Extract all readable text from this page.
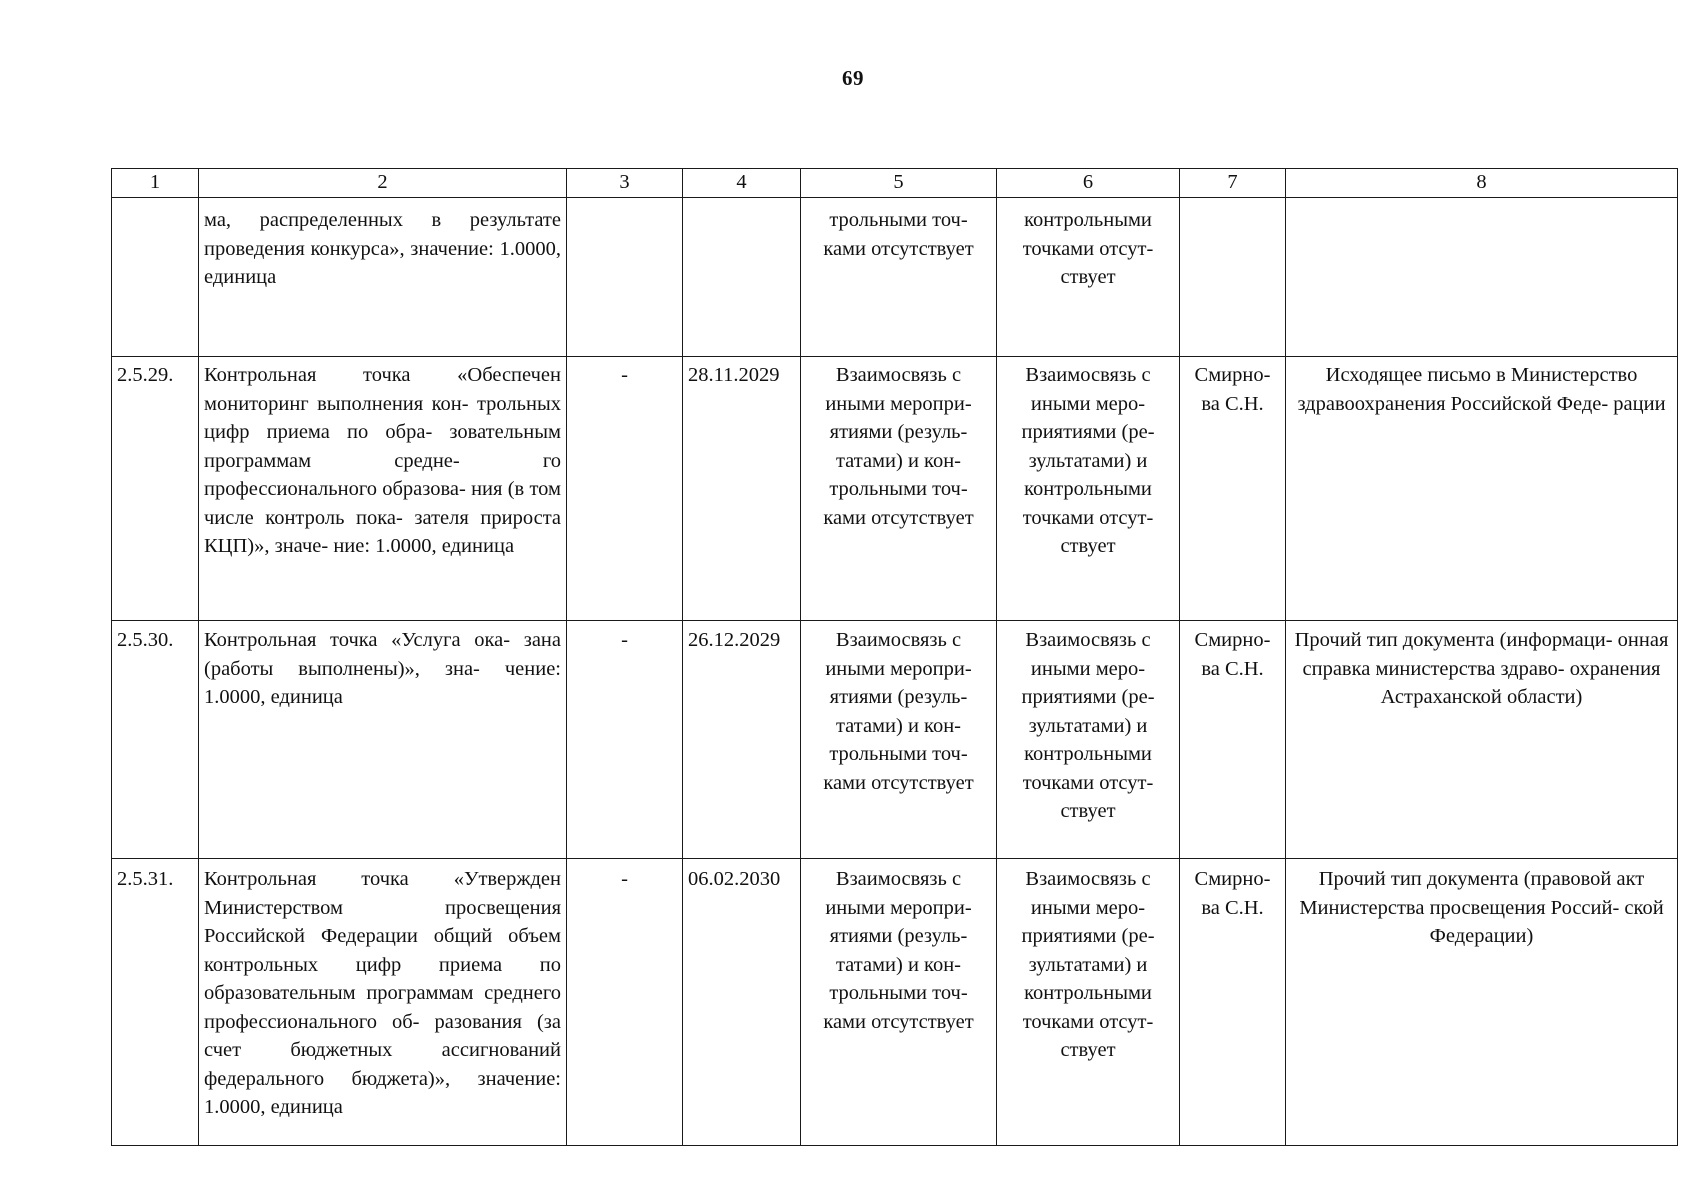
69
1	2	3	4	5	6	7	8
	ма, распределенных в результате проведения конкурса», значение: 1.0000, единица			трольными точ- ками отсутствует	контрольными точками отсут- ствует		
2.5.29.	Контрольная точка «Обеспечен мониторинг выполнения кон- трольных цифр приема по обра- зовательным программам средне- го профессионального образова- ния (в том числе контроль пока- зателя прироста КЦП)», значе- ние: 1.0000, единица	-	28.11.2029	Взаимосвязь с иными меропри- ятиями (резуль- татами) и кон- трольными точ- ками отсутствует	Взаимосвязь с иными меро- приятиями (ре- зультатами) и контрольными точками отсут- ствует	Смирно- ва С.Н.	Исходящее письмо в Министерство здравоохранения Российской Феде- рации
2.5.30.	Контрольная точка «Услуга ока- зана (работы выполнены)», зна- чение: 1.0000, единица	-	26.12.2029	Взаимосвязь с иными меропри- ятиями (резуль- татами) и кон- трольными точ- ками отсутствует	Взаимосвязь с иными меро- приятиями (ре- зультатами) и контрольными точками отсут- ствует	Смирно- ва С.Н.	Прочий тип документа (информаци- онная справка министерства здраво- охранения Астраханской области)
2.5.31.	Контрольная точка «Утвержден Министерством просвещения Российской Федерации общий объем контрольных цифр приема по образовательным программам среднего профессионального об- разования (за счет бюджетных ассигнований федерального бюджета)», значение: 1.0000, единица	-	06.02.2030	Взаимосвязь с иными меропри- ятиями (резуль- татами) и кон- трольными точ- ками отсутствует	Взаимосвязь с иными меро- приятиями (ре- зультатами) и контрольными точками отсут- ствует	Смирно- ва С.Н.	Прочий тип документа (правовой акт Министерства просвещения Россий- ской Федерации)
